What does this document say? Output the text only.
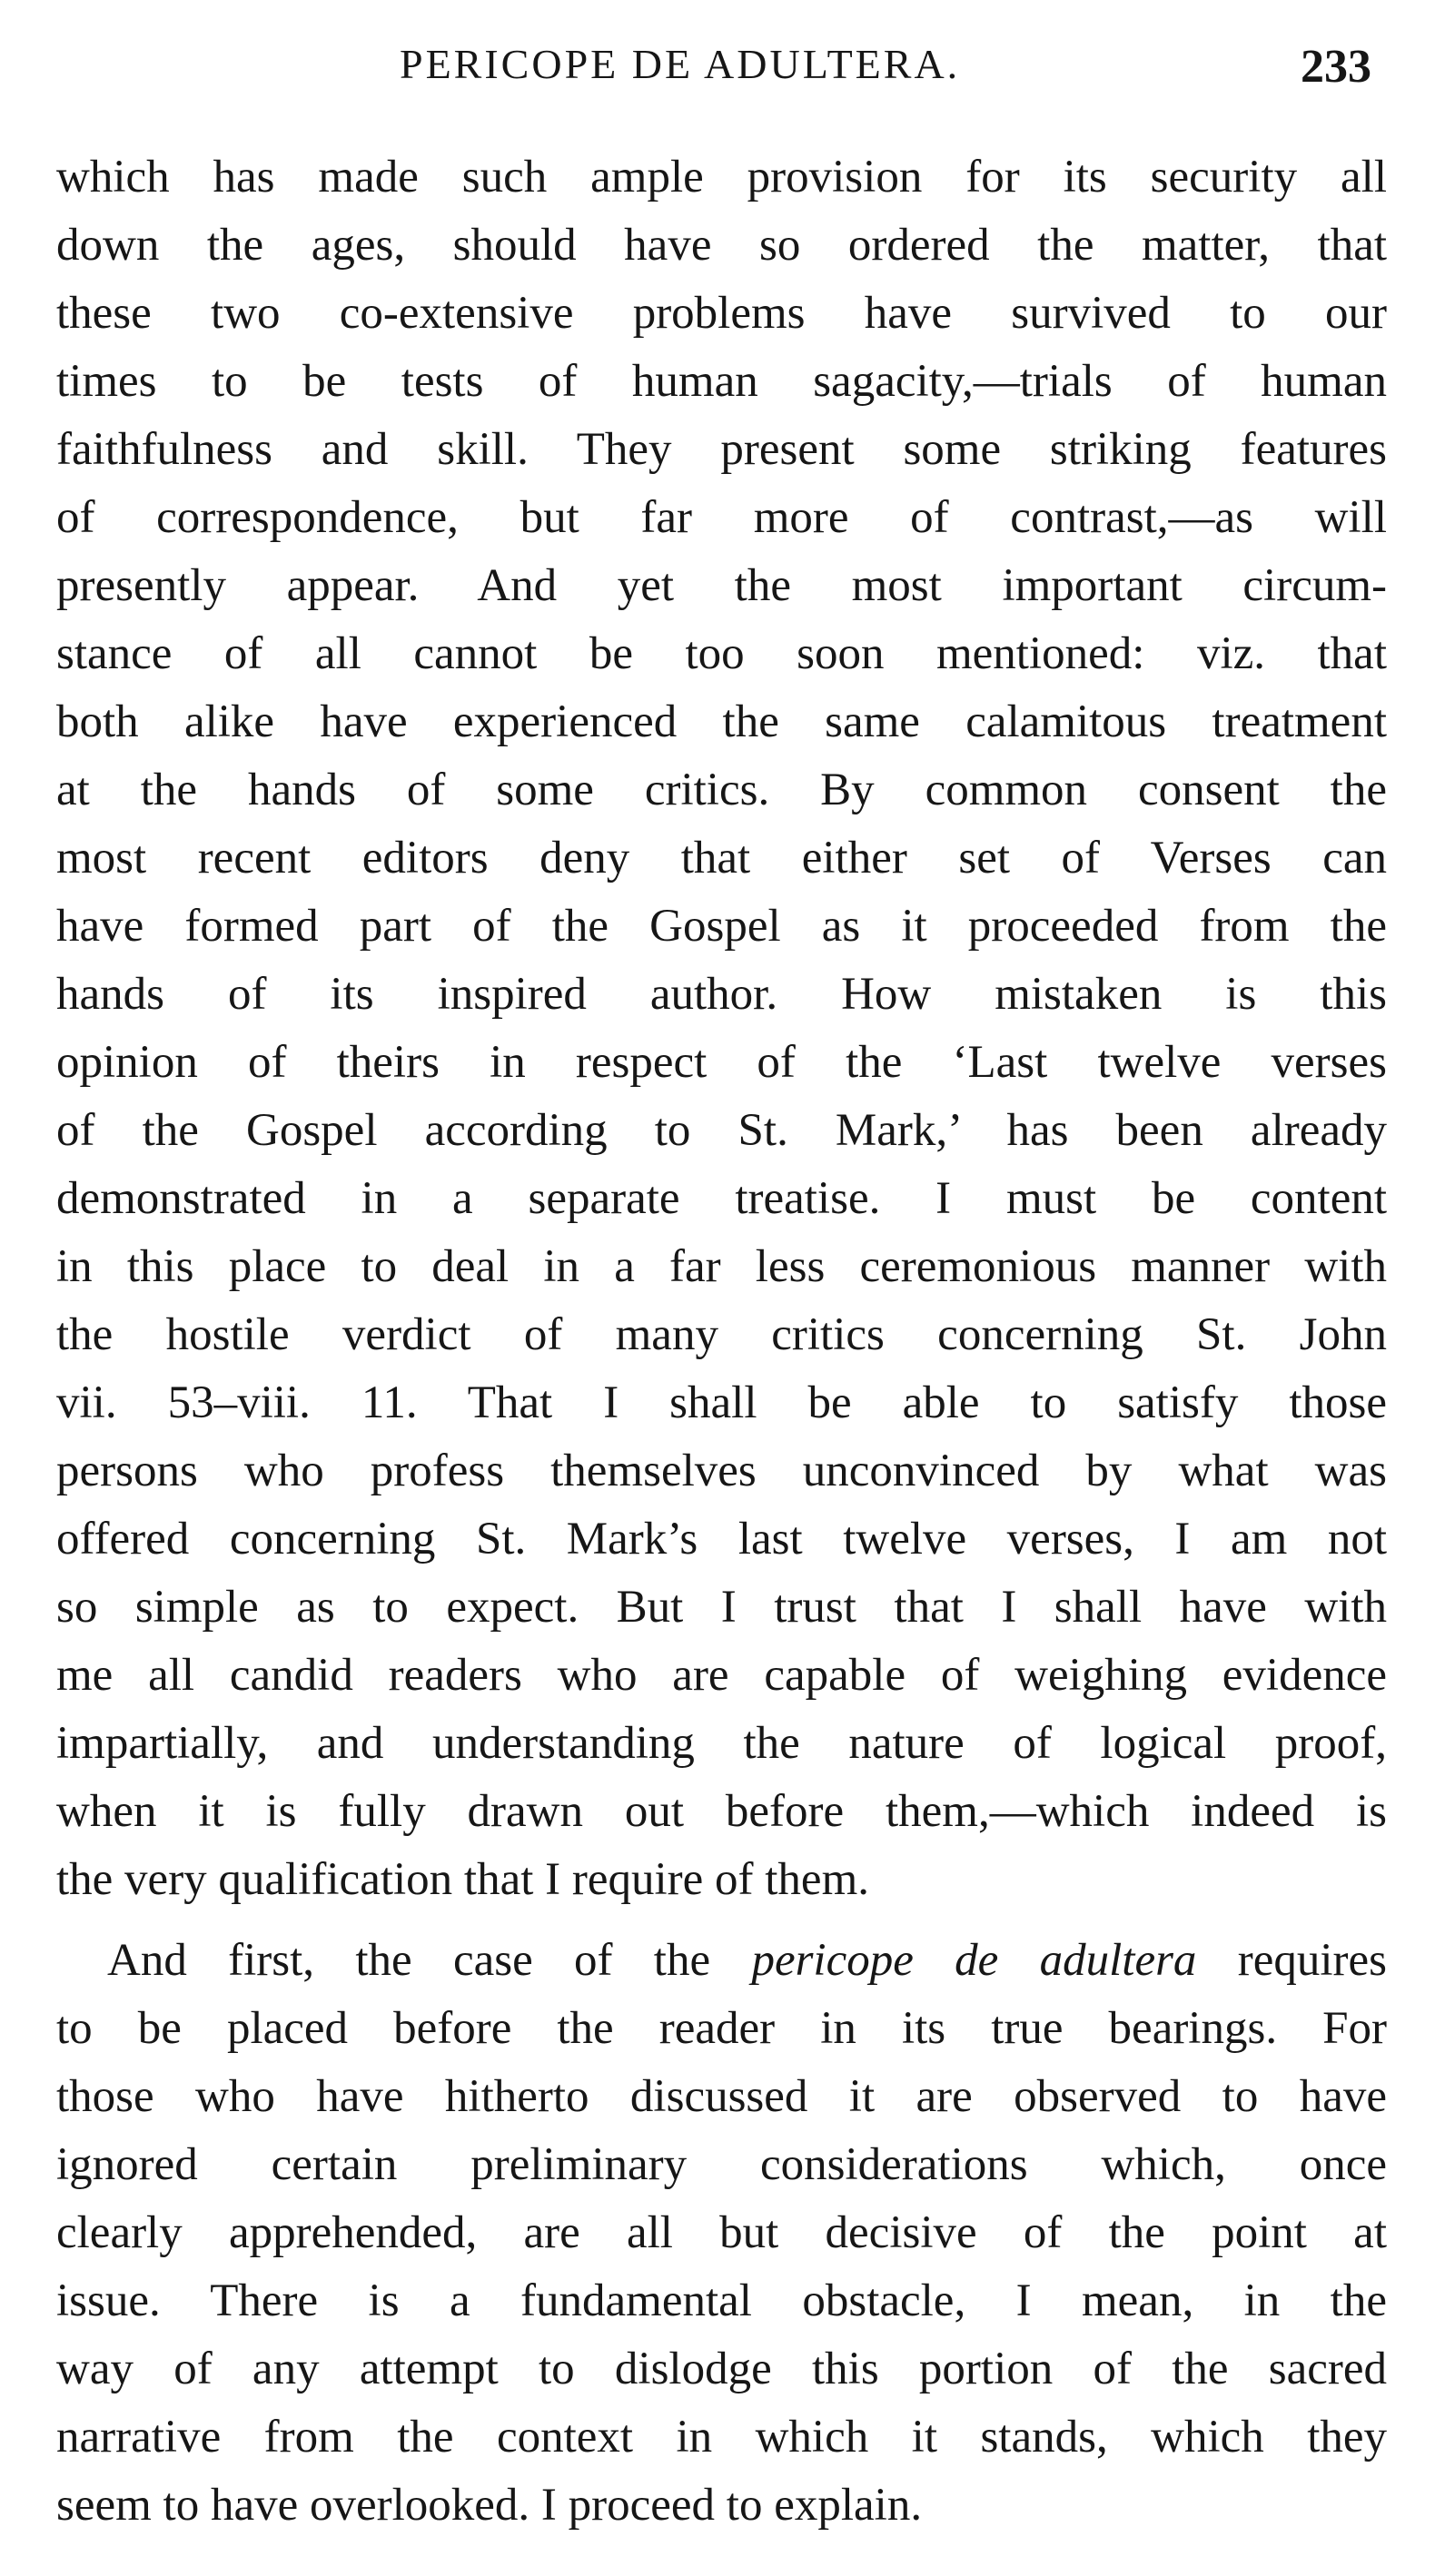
PERICOPE DE ADULTERA.	233
which has made such ample provision for its security all
down the ages, should have so ordered the matter, that
these two co-extensive problems have survived to our
times to be tests of human sagacity,—trials of human
faithfulness and skill. They present some striking features
of correspondence, but far more of contrast,—as will
presently appear. And yet the most important circum-
stance of all cannot be too soon mentioned: viz. that
both alike have experienced the same calamitous treatment
at the hands of some critics. By common consent the
most recent editors deny that either set of Verses can
have formed part of the Gospel as it proceeded from the
hands of its inspired author. How mistaken is this
opinion of theirs in respect of the ‘Last twelve verses
of the Gospel according to St. Mark,’ has been already
demonstrated in a separate treatise. I must be content
in this place to deal in a far less ceremonious manner with
the hostile verdict of many critics concerning St. John
vii. 53–viii. 11. That I shall be able to satisfy those
persons who profess themselves unconvinced by what was
offered concerning St. Mark’s last twelve verses, I am not
so simple as to expect. But I trust that I shall have with
me all candid readers who are capable of weighing evidence
impartially, and understanding the nature of logical proof,
when it is fully drawn out before them,—which indeed is
the very qualification that I require of them.
And first, the case of the pericope de adultera requires
to be placed before the reader in its true bearings. For
those who have hitherto discussed it are observed to have
ignored certain preliminary considerations which, once
clearly apprehended, are all but decisive of the point at
issue. There is a fundamental obstacle, I mean, in the
way of any attempt to dislodge this portion of the sacred
narrative from the context in which it stands, which they
seem to have overlooked. I proceed to explain.
